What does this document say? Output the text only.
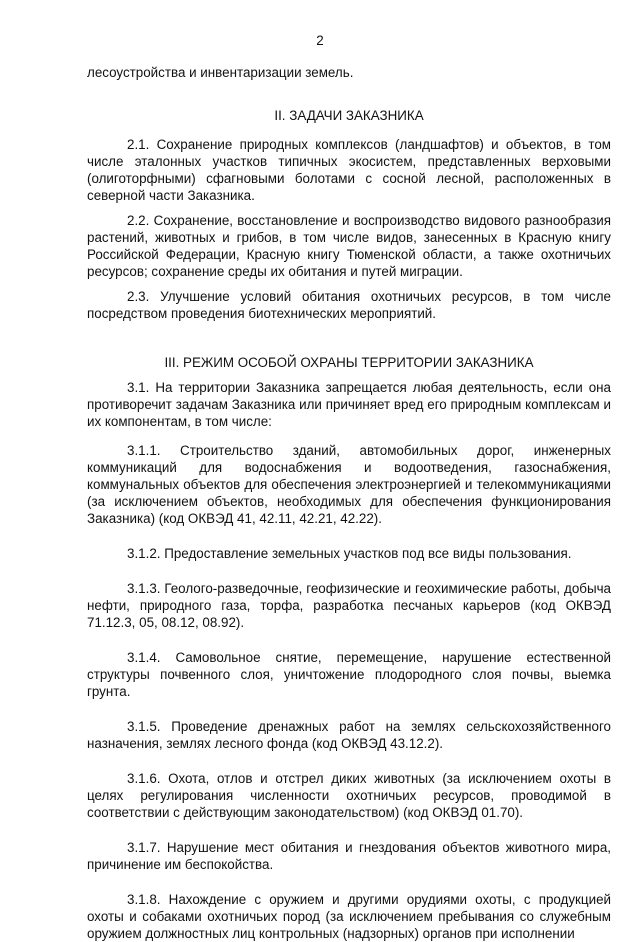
2

лесоустройства и инвентаризации земель.

II. ЗАДАЧИ ЗАКАЗНИКА

2.1. Сохранение природных комплексов (ландшафтов) и объектов, в том числе эталонных участков типичных экосистем, представленных верховыми (олиготорфными) сфагновыми болотами с сосной лесной, расположенных в северной части Заказника.

2.2. Сохранение, восстановление и воспроизводство видового разнообразия растений, животных и грибов, в том числе видов, занесенных в Красную книгу Российской Федерации, Красную книгу Тюменской области, а также охотничьих ресурсов; сохранение среды их обитания и путей миграции.

2.3. Улучшение условий обитания охотничьих ресурсов, в том числе посредством проведения биотехнических мероприятий.

III. РЕЖИМ ОСОБОЙ ОХРАНЫ ТЕРРИТОРИИ ЗАКАЗНИКА

3.1. На территории Заказника запрещается любая деятельность, если она противоречит задачам Заказника или причиняет вред его природным комплексам и их компонентам, в том числе:

3.1.1. Строительство зданий, автомобильных дорог, инженерных коммуникаций для водоснабжения и водоотведения, газоснабжения, коммунальных объектов для обеспечения электроэнергией и телекоммуникациями (за исключением объектов, необходимых для обеспечения функционирования Заказника) (код ОКВЭД 41, 42.11, 42.21, 42.22).

3.1.2. Предоставление земельных участков под все виды пользования.

3.1.3. Геолого-разведочные, геофизические и геохимические работы, добыча нефти, природного газа, торфа, разработка песчаных карьеров (код ОКВЭД 71.12.3, 05, 08.12, 08.92).

3.1.4. Самовольное снятие, перемещение, нарушение естественной структуры почвенного слоя, уничтожение плодородного слоя почвы, выемка грунта.

3.1.5. Проведение дренажных работ на землях сельскохозяйственного назначения, землях лесного фонда (код ОКВЭД 43.12.2).

3.1.6. Охота, отлов и отстрел диких животных (за исключением охоты в целях регулирования численности охотничьих ресурсов, проводимой в соответствии с действующим законодательством) (код ОКВЭД 01.70).

3.1.7. Нарушение мест обитания и гнездования объектов животного мира, причинение им беспокойства.

3.1.8. Нахождение с оружием и другими орудиями охоты, с продукцией охоты и собаками охотничьих пород (за исключением пребывания со служебным оружием должностных лиц контрольных (надзорных) органов при исполнении
